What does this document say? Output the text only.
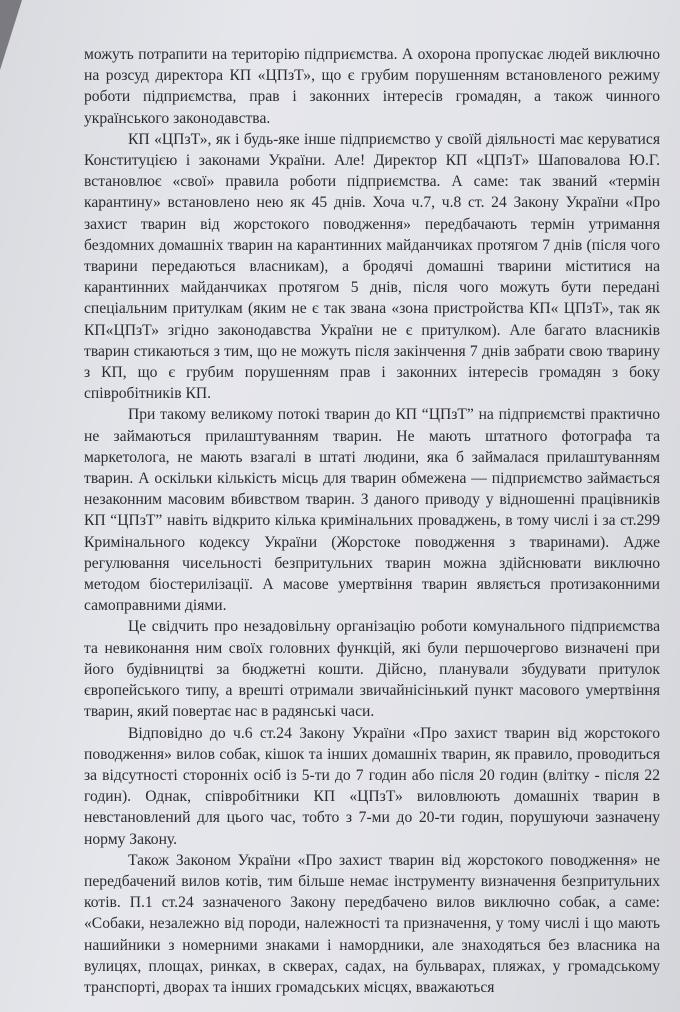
можуть потрапити на територію підприємства. А охорона пропускає людей виключно на розсуд директора КП «ЦПзТ», що є грубим порушенням встановленого режиму роботи підприємства, прав і законних інтересів громадян, а також чинного українського законодавства.

КП «ЦПзТ», як і будь-яке інше підприємство у своїй діяльності має керуватися Конституцією і законами України. Але! Директор КП «ЦПзТ» Шаповалова Ю.Г. встановлює «свої» правила роботи підприємства. А саме: так званий «термін карантину» встановлено нею як 45 днів. Хоча ч.7, ч.8 ст. 24 Закону України «Про захист тварин від жорстокого поводження» передбачають термін утримання бездомних домашніх тварин на карантинних майданчиках протягом 7 днів (після чого тварини передаються власникам), а бродячі домашні тварини міститися на карантинних майданчиках протягом 5 днів, після чого можуть бути передані спеціальним притулкам (яким не є так звана «зона пристройства КП« ЦПзТ», так як КП«ЦПзТ» згідно законодавства України не є притулком). Але багато власників тварин стикаються з тим, що не можуть після закінчення 7 днів забрати свою тварину з КП, що є грубим порушенням прав і законних інтересів громадян з боку співробітників КП.

При такому великому потокі тварин до КП “ЦПзТ” на підприємстві практично не займаються прилаштуванням тварин. Не мають штатного фотографа та маркетолога, не мають взагалі в штаті людини, яка б займалася прилаштуванням тварин. А оскільки кількість місць для тварин обмежена — підприємство займається незаконним масовим вбивством тварин. З даного приводу у відношенні працівників КП “ЦПзТ” навіть відкрито кілька кримінальних проваджень, в тому числі і за ст.299 Кримінального кодексу України (Жорстоке поводження з тваринами). Адже регулювання чисельності безпритульних тварин можна здійснювати виключно методом біостерилізації. А масове умертвіння тварин являється протизаконними самоправними діями.

Це свідчить про незадовільну організацію роботи комунального підприємства та невиконання ним своїх головних функцій, які були першочергово визначені при його будівництві за бюджетні кошти. Дійсно, планували збудувати притулок європейського типу, а врешті отримали звичайнісінький пункт масового умертвіння тварин, який повертає нас в радянські часи.

Відповідно до ч.6 ст.24 Закону України «Про захист тварин від жорстокого поводження» вилов собак, кішок та інших домашніх тварин, як правило, проводиться за відсутності сторонніх осіб із 5-ти до 7 годин або після 20 годин (влітку - після 22 годин). Однак, співробітники КП «ЦПзТ» виловлюють домашніх тварин в невстановлений для цього час, тобто з 7-ми до 20-ти годин, порушуючи зазначену норму Закону.

Також Законом України «Про захист тварин від жорстокого поводження» не передбачений вилов котів, тим більше немає інструменту визначення безпритульних котів. П.1 ст.24 зазначеного Закону передбачено вилов виключно собак, а саме: «Собаки, незалежно від породи, належності та призначення, у тому числі і що мають нашийники з номерними знаками і намордники, але знаходяться без власника на вулицях, площах, ринках, в скверах, садах, на бульварах, пляжах, у громадському транспорті, дворах та інших громадських місцях, вважаються
